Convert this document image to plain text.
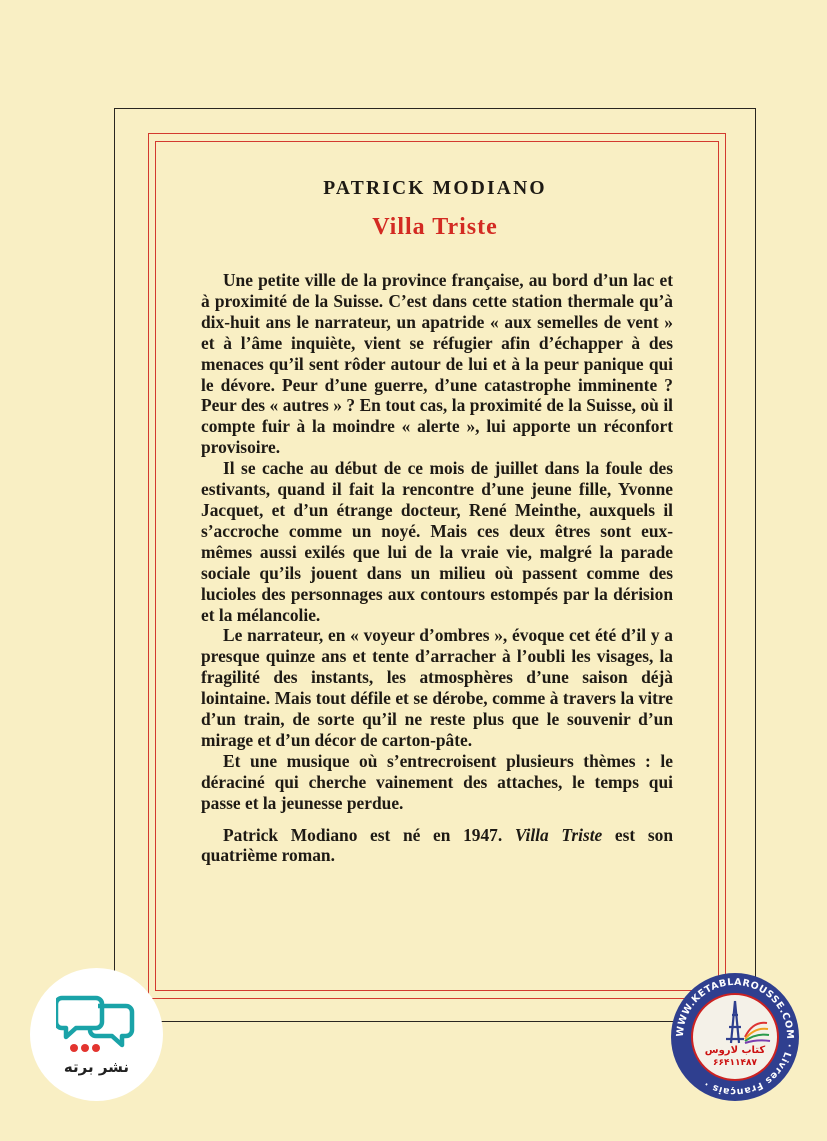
PATRICK MODIANO
Villa Triste

Une petite ville de la province française, au bord d’un lac et à proximité de la Suisse. C’est dans cette station thermale qu’à dix-huit ans le narrateur, un apatride « aux semelles de vent » et à l’âme inquiète, vient se réfugier afin d’échapper à des menaces qu’il sent rôder autour de lui et à la peur panique qui le dévore. Peur d’une guerre, d’une catastrophe imminente ? Peur des « autres » ? En tout cas, la proximité de la Suisse, où il compte fuir à la moindre « alerte », lui apporte un réconfort provisoire.

Il se cache au début de ce mois de juillet dans la foule des estivants, quand il fait la rencontre d’une jeune fille, Yvonne Jacquet, et d’un étrange docteur, René Meinthe, auxquels il s’accroche comme un noyé. Mais ces deux êtres sont eux-mêmes aussi exilés que lui de la vraie vie, malgré la parade sociale qu’ils jouent dans un milieu où passent comme des lucioles des personnages aux contours estompés par la dérision et la mélancolie.

Le narrateur, en « voyeur d’ombres », évoque cet été d’il y a presque quinze ans et tente d’arracher à l’oubli les visages, la fragilité des instants, les atmosphères d’une saison déjà lointaine. Mais tout défile et se dérobe, comme à travers la vitre d’un train, de sorte qu’il ne reste plus que le souvenir d’un mirage et d’un décor de carton-pâte.

Et une musique où s’entrecroisent plusieurs thèmes : le déraciné qui cherche vainement des attaches, le temps qui passe et la jeunesse perdue.

Patrick Modiano est né en 1947. Villa Triste est son quatrième roman.

نشر برته
WWW.KETABLAROUSSE.COM · Livres Français ·
کتاب لاروس
۶۶۴۱۱۴۸۷
